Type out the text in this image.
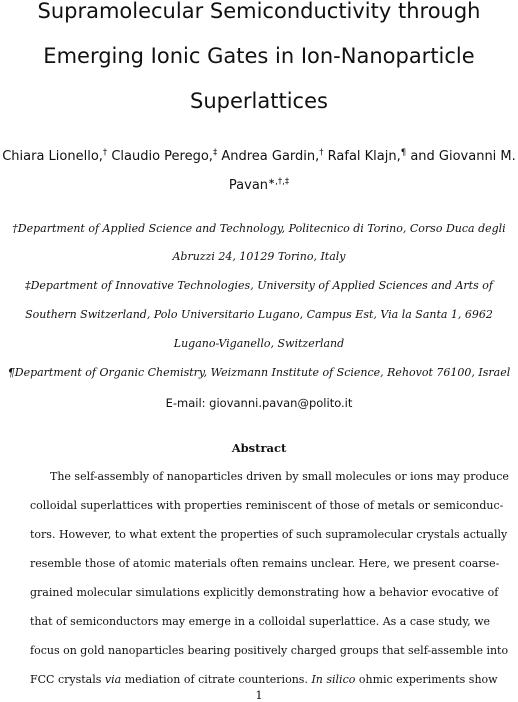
Supramolecular Semiconductivity through
Emerging Ionic Gates in Ion-Nanoparticle
Superlattices
Chiara Lionello,† Claudio Perego,‡ Andrea Gardin,† Rafal Klajn,¶ and Giovanni M.
Pavan∗,†,‡
†Department of Applied Science and Technology, Politecnico di Torino, Corso Duca degli
Abruzzi 24, 10129 Torino, Italy
‡Department of Innovative Technologies, University of Applied Sciences and Arts of
Southern Switzerland, Polo Universitario Lugano, Campus Est, Via la Santa 1, 6962
Lugano-Viganello, Switzerland
¶Department of Organic Chemistry, Weizmann Institute of Science, Rehovot 76100, Israel
E-mail: giovanni.pavan@polito.it
Abstract
The self-assembly of nanoparticles driven by small molecules or ions may produce
colloidal superlattices with properties reminiscent of those of metals or semiconduc-
tors. However, to what extent the properties of such supramolecular crystals actually
resemble those of atomic materials often remains unclear. Here, we present coarse-
grained molecular simulations explicitly demonstrating how a behavior evocative of
that of semiconductors may emerge in a colloidal superlattice. As a case study, we
focus on gold nanoparticles bearing positively charged groups that self-assemble into
FCC crystals via mediation of citrate counterions. In silico ohmic experiments show
1
